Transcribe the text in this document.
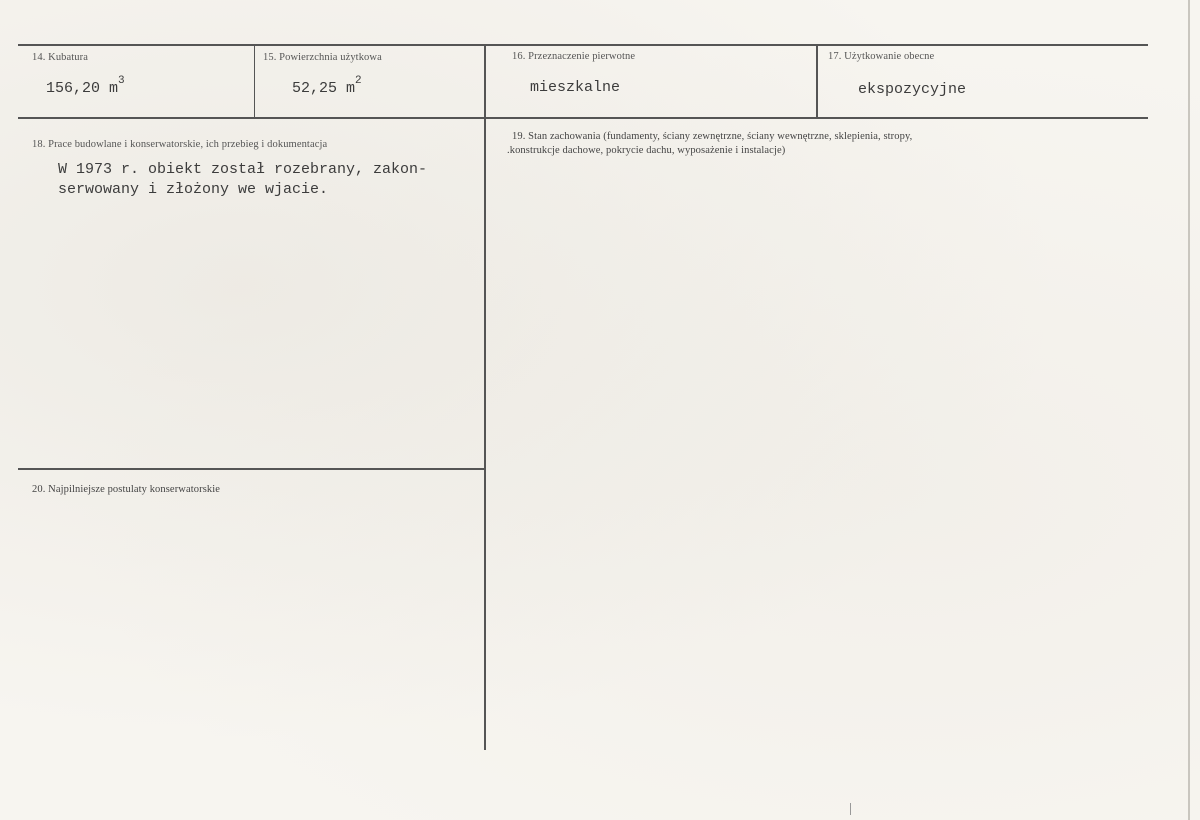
14. Kubatura
156,20 $m^3$
15. Powierzchnia użytkowa
52,25 $m^2$
16. Przeznaczenie pierwotne
mieszkalne
17. Użytkowanie obecne
ekspozycyjne
18. Prace budowlane i konserwatorskie, ich przebieg i dokumentacja
W 1973 r. obiekt został rozebrany, zakon-
serwowany i złożony we wjacie.
19. Stan zachowania (fundamenty, ściany zewnętrzne, ściany wewnętrzne, sklepienia, stropy,
.konstrukcje dachowe, pokrycie dachu, wyposażenie i instalacje)
20. Najpilniejsze postulaty konserwatorskie
